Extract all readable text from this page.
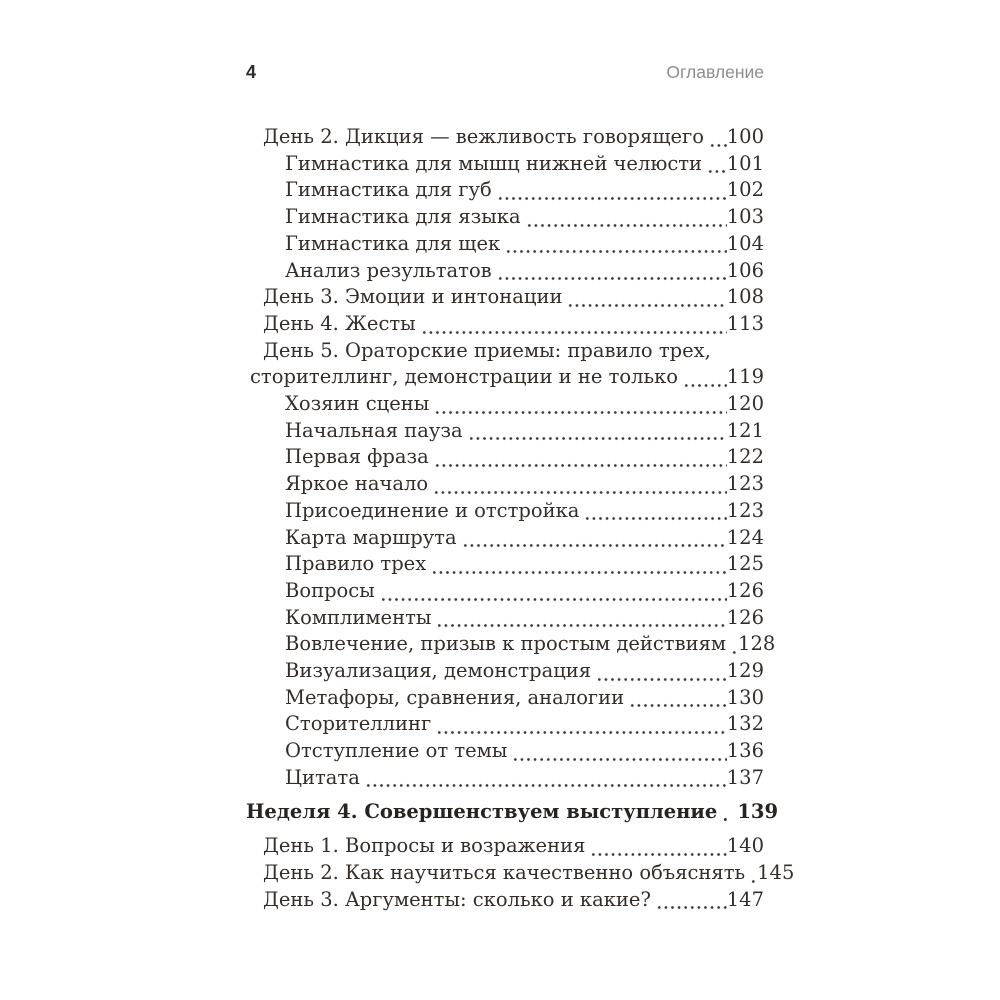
4	Оглавление
День 2. Дикция — вежливость говорящего 100
Гимнастика для мышц нижней челюсти 101
Гимнастика для губ	102
Гимнастика для языка	103
Гимнастика для щек	104
Анализ результатов	106
День 3. Эмоции и интонации	108
День 4. Жесты	113
День 5. Ораторские приемы: правило трех,
сторителлинг, демонстрации и не только 119
Хозяин сцены	120
Начальная пауза	121
Первая фраза	122
Яркое начало	123
Присоединение и отстройка	123
Карта маршрута	124
Правило трех	125
Вопросы	126
Комплименты	126
Вовлечение, призыв к простым действиям 128
Визуализация, демонстрация	129
Метафоры, сравнения, аналогии	130
Сторителлинг	132
Отступление от темы	136
Цитата	137
Неделя 4. Совершенствуем выступление 139
День 1. Вопросы и возражения	140
День 2. Как научиться качественно объяснять 145
День 3. Аргументы: сколько и какие?	147
